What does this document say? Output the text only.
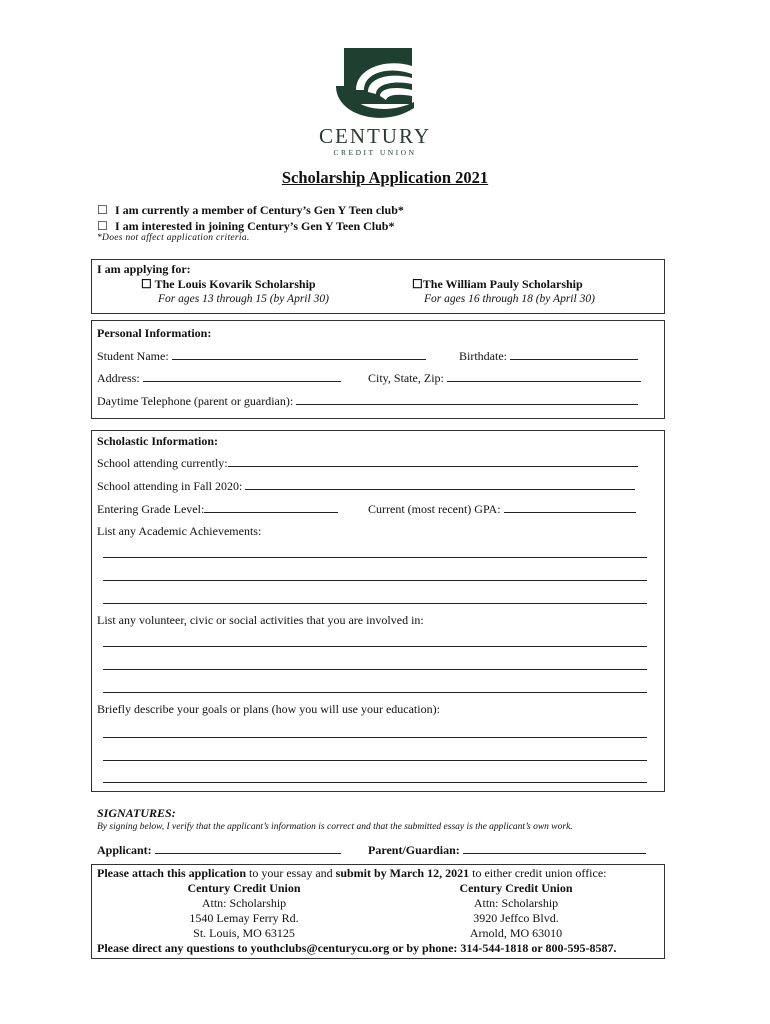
CENTURY
CREDIT UNION
Scholarship Application 2021
☐ I am currently a member of Century’s Gen Y Teen club*
☐ I am interested in joining Century’s Gen Y Teen Club*
*Does not affect application criteria.
I am applying for:
☐ The Louis Kovarik Scholarship
For ages 13 through 15 (by April 30)
☐The William Pauly Scholarship
For ages 16 through 18 (by April 30)
Personal Information:
Student Name:	Birthdate:
Address:	City, State, Zip:
Daytime Telephone (parent or guardian):
Scholastic Information:
School attending currently:
School attending in Fall 2020:
Entering Grade Level:	Current (most recent) GPA:
List any Academic Achievements:
List any volunteer, civic or social activities that you are involved in:
Briefly describe your goals or plans (how you will use your education):
SIGNATURES:
By signing below, I verify that the applicant’s information is correct and that the submitted essay is the applicant’s own work.
Applicant:	Parent/Guardian:
Please attach this application to your essay and submit by March 12, 2021 to either credit union office:
Century Credit Union
Attn: Scholarship
1540 Lemay Ferry Rd.
St. Louis, MO 63125
Century Credit Union
Attn: Scholarship
3920 Jeffco Blvd.
Arnold, MO 63010
Please direct any questions to youthclubs@centurycu.org or by phone: 314-544-1818 or 800-595-8587.
